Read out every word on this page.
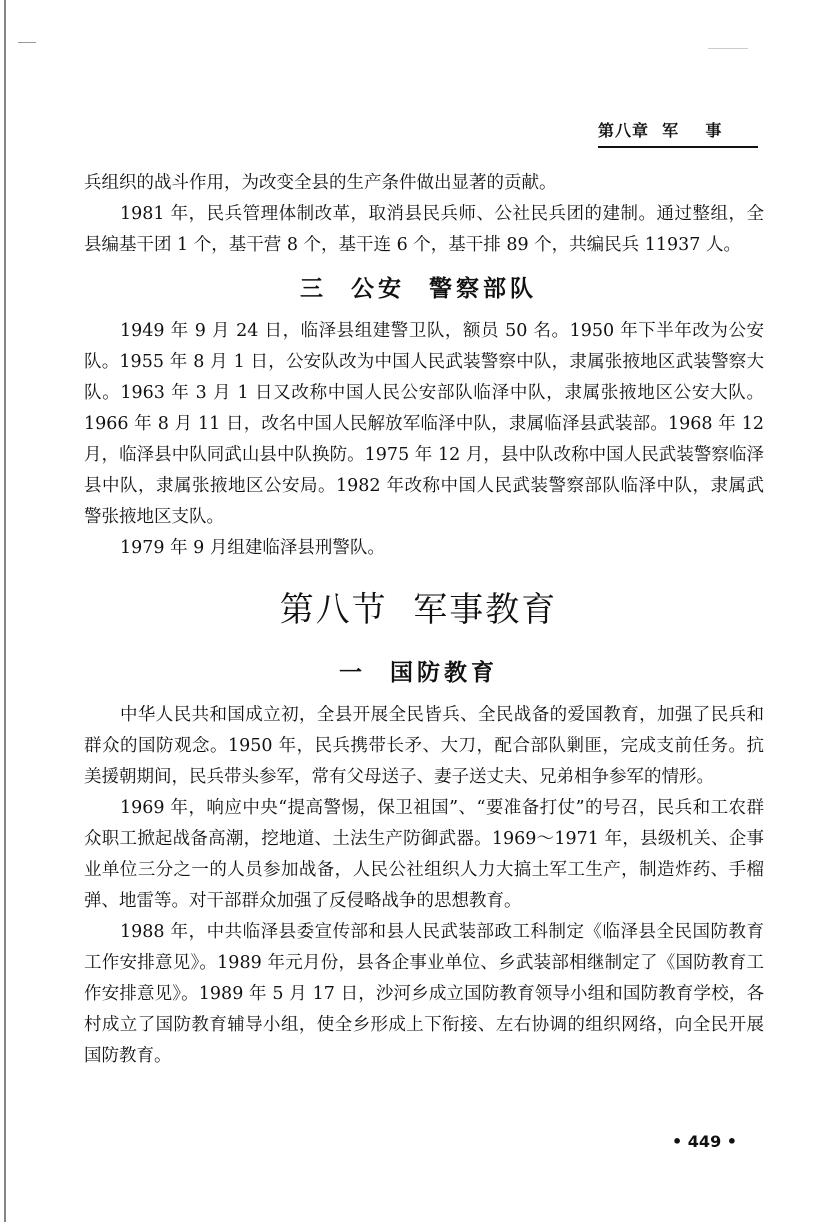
第八章  军    事

兵组织的战斗作用，为改变全县的生产条件做出显著的贡献。

1981 年，民兵管理体制改革，取消县民兵师、公社民兵团的建制。通过整组，全县编基干团 1 个，基干营 8 个，基干连 6 个，基干排 89 个，共编民兵 11937 人。

三  公安  警察部队

1949 年 9 月 24 日，临泽县组建警卫队，额员 50 名。1950 年下半年改为公安队。1955 年 8 月 1 日，公安队改为中国人民武装警察中队，隶属张掖地区武装警察大队。1963 年 3 月 1 日又改称中国人民公安部队临泽中队，隶属张掖地区公安大队。1966 年 8 月 11 日，改名中国人民解放军临泽中队，隶属临泽县武装部。1968 年 12 月，临泽县中队同武山县中队换防。1975 年 12 月，县中队改称中国人民武装警察临泽县中队，隶属张掖地区公安局。1982 年改称中国人民武装警察部队临泽中队，隶属武警张掖地区支队。

1979 年 9 月组建临泽县刑警队。

第八节  军事教育
一  国防教育

中华人民共和国成立初，全县开展全民皆兵、全民战备的爱国教育，加强了民兵和群众的国防观念。1950 年，民兵携带长矛、大刀，配合部队剿匪，完成支前任务。抗美援朝期间，民兵带头参军，常有父母送子、妻子送丈夫、兄弟相争参军的情形。

1969 年，响应中央“提高警惕，保卫祖国”、“要准备打仗”的号召，民兵和工农群众职工掀起战备高潮，挖地道、土法生产防御武器。1969～1971 年，县级机关、企事业单位三分之一的人员参加战备，人民公社组织人力大搞土军工生产，制造炸药、手榴弹、地雷等。对干部群众加强了反侵略战争的思想教育。

1988 年，中共临泽县委宣传部和县人民武装部政工科制定《临泽县全民国防教育工作安排意见》。1989 年元月份，县各企事业单位、乡武装部相继制定了《国防教育工作安排意见》。1989 年 5 月 17 日，沙河乡成立国防教育领导小组和国防教育学校，各村成立了国防教育辅导小组，使全乡形成上下衔接、左右协调的组织网络，向全民开展国防教育。

• 449 •
